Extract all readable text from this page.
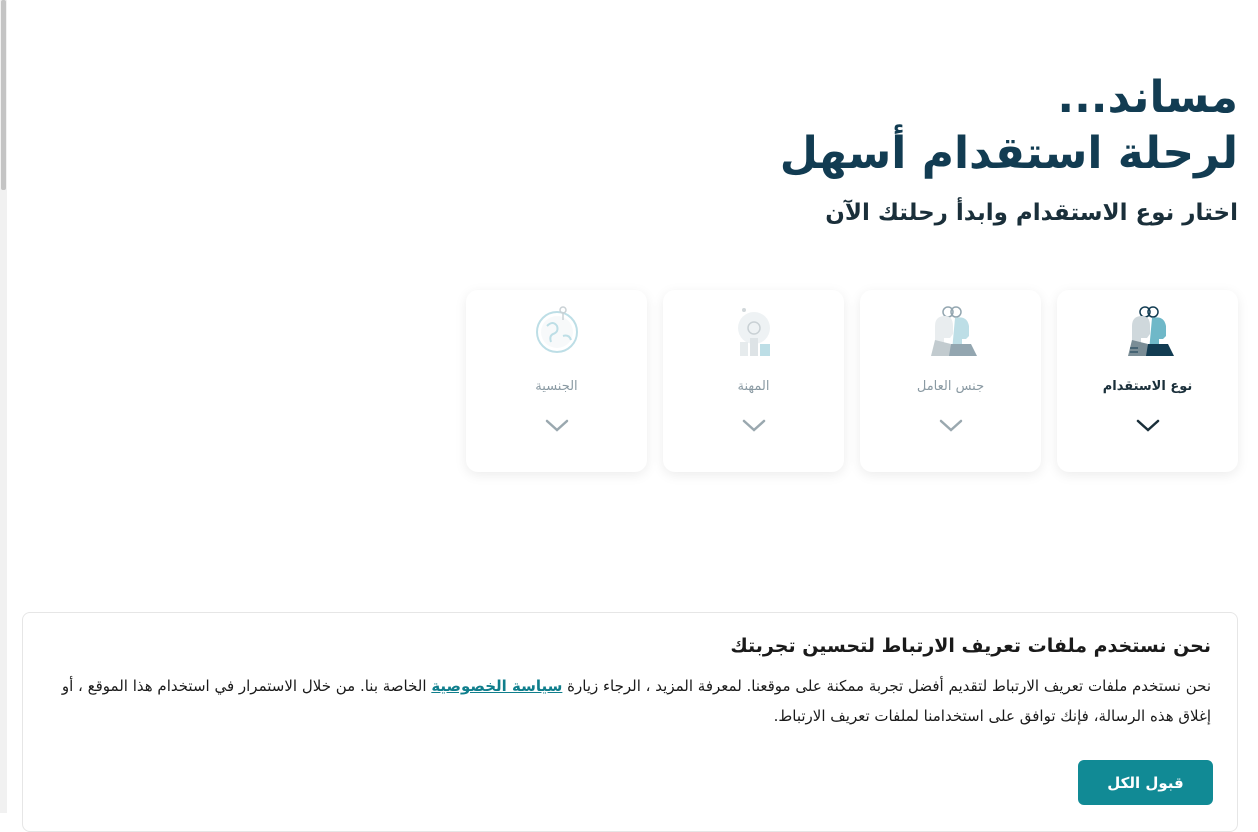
مساند...
لرحلة استقدام أسهل
اختار نوع الاستقدام وابدأ رحلتك الآن
نوع الاستقدام
جنس العامل
المهنة
الجنسية
نحن نستخدم ملفات تعريف الارتباط لتحسين تجربتك

نحن نستخدم ملفات تعريف الارتباط لتقديم أفضل تجربة ممكنة على موقعنا. لمعرفة المزيد ، الرجاء زيارة سياسة الخصوصية الخاصة بنا. من خلال الاستمرار في استخدام هذا الموقع ، أو إغلاق هذه الرسالة، فإنك توافق على استخدامنا لملفات تعريف الارتباط.

قبول الكل
